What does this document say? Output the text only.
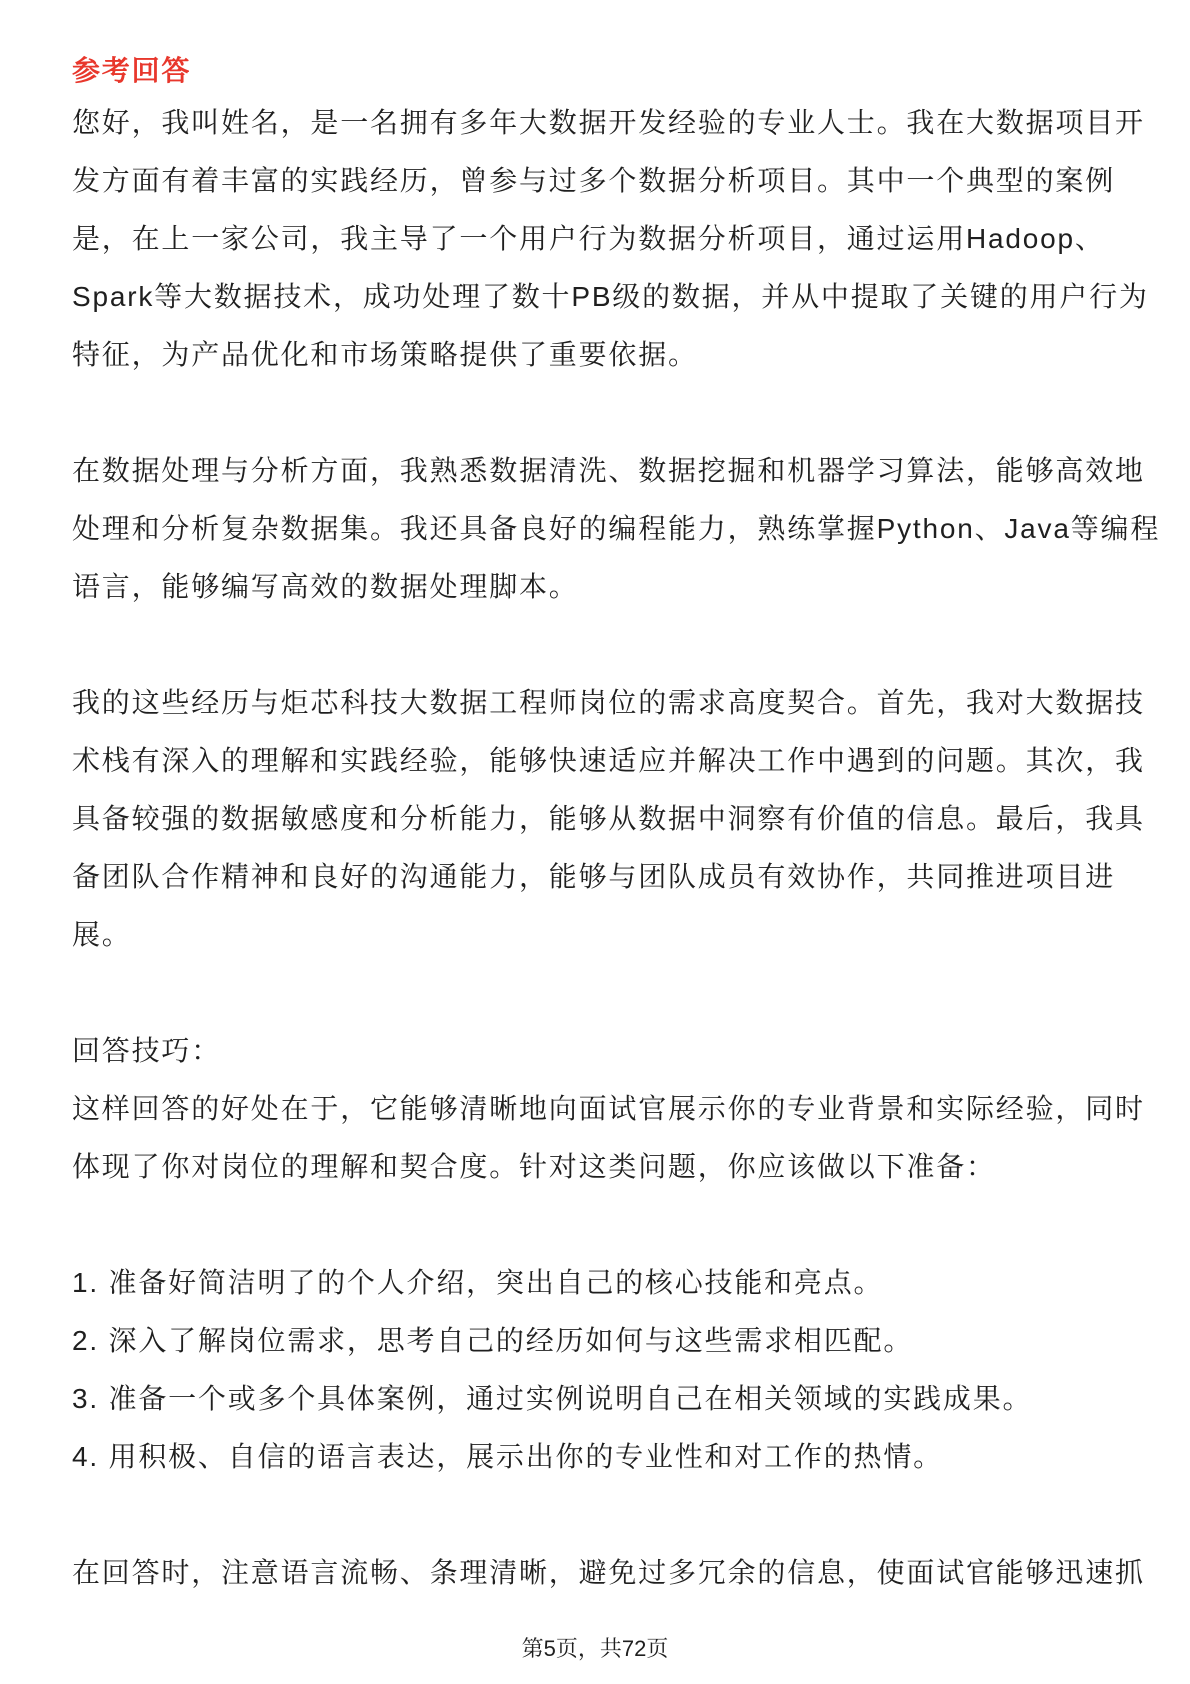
参考回答
您好，我叫姓名，是一名拥有多年大数据开发经验的专业人士。我在大数据项目开
发方面有着丰富的实践经历，曾参与过多个数据分析项目。其中一个典型的案例
是，在上一家公司，我主导了一个用户行为数据分析项目，通过运用Hadoop、
Spark等大数据技术，成功处理了数十PB级的数据，并从中提取了关键的用户行为
特征，为产品优化和市场策略提供了重要依据。
在数据处理与分析方面，我熟悉数据清洗、数据挖掘和机器学习算法，能够高效地
处理和分析复杂数据集。我还具备良好的编程能力，熟练掌握Python、Java等编程
语言，能够编写高效的数据处理脚本。
我的这些经历与炬芯科技大数据工程师岗位的需求高度契合。首先，我对大数据技
术栈有深入的理解和实践经验，能够快速适应并解决工作中遇到的问题。其次，我
具备较强的数据敏感度和分析能力，能够从数据中洞察有价值的信息。最后，我具
备团队合作精神和良好的沟通能力，能够与团队成员有效协作，共同推进项目进
展。
回答技巧：
这样回答的好处在于，它能够清晰地向面试官展示你的专业背景和实际经验，同时
体现了你对岗位的理解和契合度。针对这类问题，你应该做以下准备：
1. 准备好简洁明了的个人介绍，突出自己的核心技能和亮点。
2. 深入了解岗位需求，思考自己的经历如何与这些需求相匹配。
3. 准备一个或多个具体案例，通过实例说明自己在相关领域的实践成果。
4. 用积极、自信的语言表达，展示出你的专业性和对工作的热情。
在回答时，注意语言流畅、条理清晰，避免过多冗余的信息，使面试官能够迅速抓
第5页，共72页
